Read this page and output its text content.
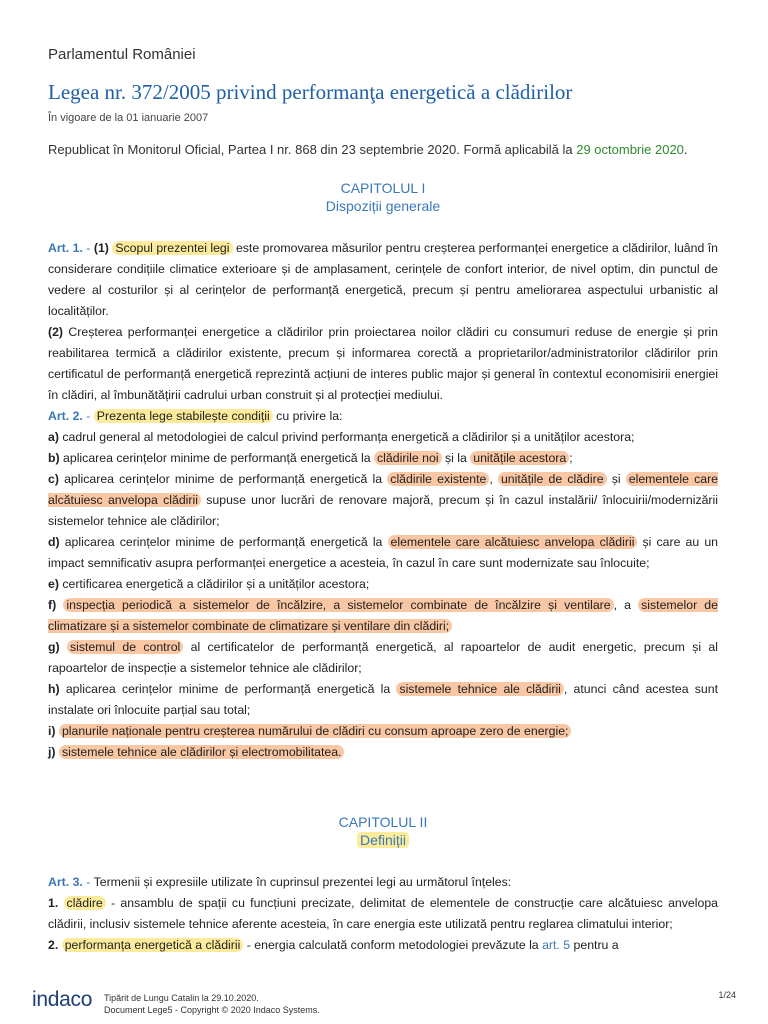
Parlamentul României
Legea nr. 372/2005 privind performanţa energetică a clădirilor
În vigoare de la 01 ianuarie 2007
Republicat în Monitorul Oficial, Partea I nr. 868 din 23 septembrie 2020. Formă aplicabilă la 29 octombrie 2020.
CAPITOLUL I
Dispoziții generale

Art. 1. - (1) Scopul prezentei legi este promovarea măsurilor pentru creșterea performanței energetice a clădirilor, luând în considerare condițiile climatice exterioare și de amplasament, cerințele de confort interior, de nivel optim, din punctul de vedere al costurilor și al cerințelor de performanță energetică, precum și pentru ameliorarea aspectului urbanistic al localităților.

(2) Creșterea performanței energetice a clădirilor prin proiectarea noilor clădiri cu consumuri reduse de energie și prin reabilitarea termică a clădirilor existente, precum și informarea corectă a proprietarilor/administratorilor clădirilor prin certificatul de performanță energetică reprezintă acțiuni de interes public major și general în contextul economisirii energiei în clădiri, al îmbunătățirii cadrului urban construit și al protecției mediului.

Art. 2. - Prezenta lege stabilește condiții cu privire la:

a) cadrul general al metodologiei de calcul privind performanța energetică a clădirilor și a unităților acestora;

b) aplicarea cerințelor minime de performanță energetică la clădirile noi și la unitățile acestora ;

c) aplicarea cerințelor minime de performanță energetică la clădirile existente , unitățile de clădire și elementele care alcătuiesc anvelopa clădirii supuse unor lucrări de renovare majoră, precum și în cazul instalării/ înlocuirii/modernizării sistemelor tehnice ale clădirilor;

d) aplicarea cerințelor minime de performanță energetică la elementele care alcătuiesc anvelopa clădirii și care au un impact semnificativ asupra performanței energetice a acesteia, în cazul în care sunt modernizate sau înlocuite;

e) certificarea energetică a clădirilor și a unităților acestora;

f) inspecția periodică a sistemelor de încălzire, a sistemelor combinate de încălzire și ventilare , a sistemelor de climatizare și a sistemelor combinate de climatizare și ventilare din clădiri;

g) sistemul de control al certificatelor de performanță energetică, al rapoartelor de audit energetic, precum și al rapoartelor de inspecție a sistemelor tehnice ale clădirilor;

h) aplicarea cerințelor minime de performanță energetică la sistemele tehnice ale clădirii , atunci când acestea sunt instalate ori înlocuite parțial sau total;

i) planurile naționale pentru creșterea numărului de clădiri cu consum aproape zero de energie;

j) sistemele tehnice ale clădirilor și electromobilitatea.

CAPITOLUL II
Definiții

Art. 3. - Termenii și expresiile utilizate în cuprinsul prezentei legi au următorul înțeles:

1. clădire - ansamblu de spații cu funcțiuni precizate, delimitat de elementele de construcție care alcătuiesc anvelopa clădirii, inclusiv sistemele tehnice aferente acesteia, în care energia este utilizată pentru reglarea climatului interior;

2. performanța energetică a clădirii - energia calculată conform metodologiei prevăzute la art. 5 pentru a

indaco Tipărit de Lungu Catalin la 29.10.2020.
Document Lege5 - Copyright © 2020 Indaco Systems.
1/24
